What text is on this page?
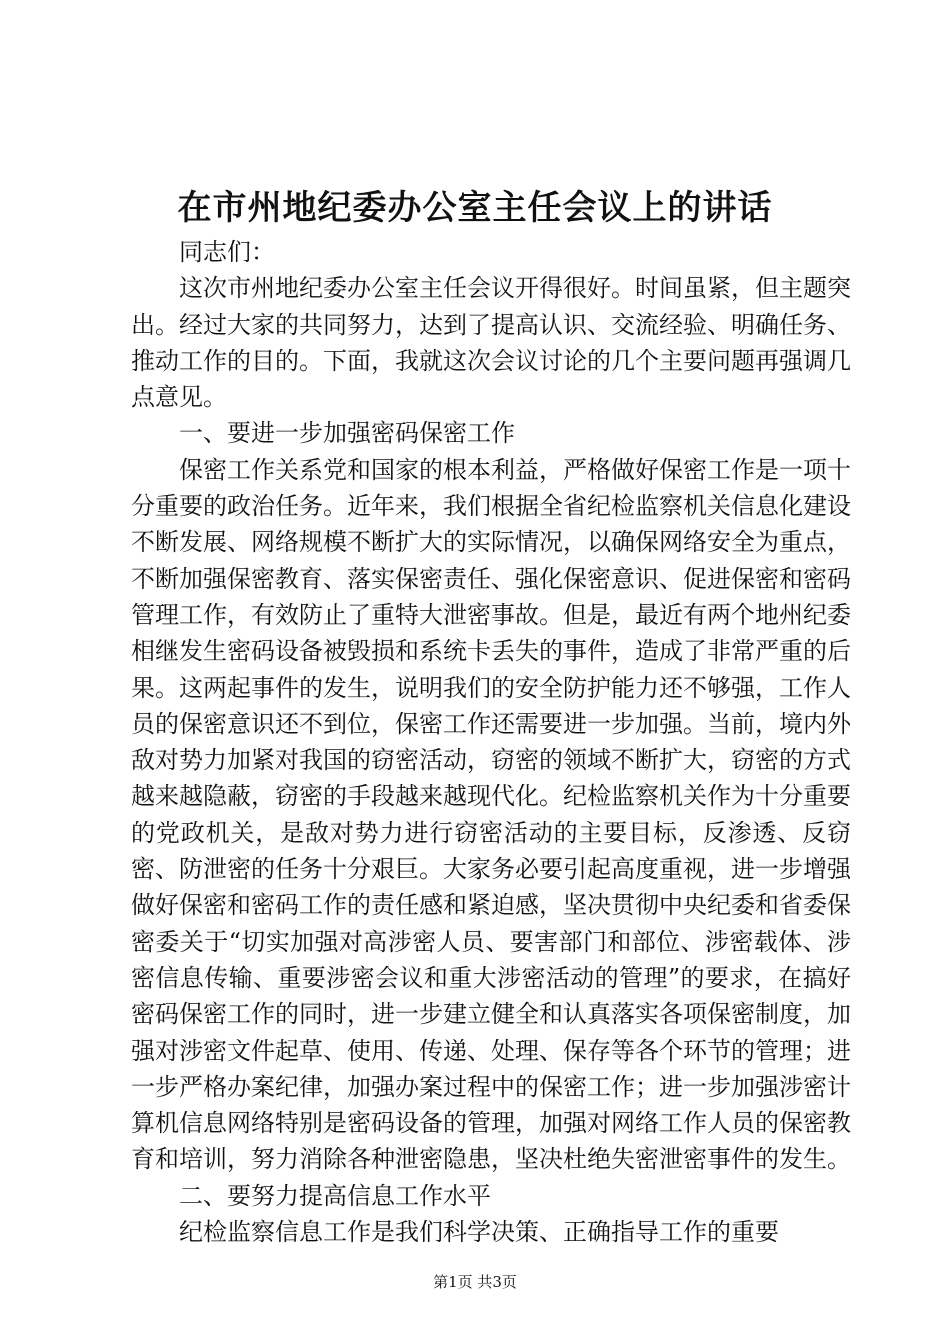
在市州地纪委办公室主任会议上的讲话

同志们：

这次市州地纪委办公室主任会议开得很好。时间虽紧，但主题突出。经过大家的共同努力，达到了提高认识、交流经验、明确任务、推动工作的目的。下面，我就这次会议讨论的几个主要问题再强调几点意见。

一、要进一步加强密码保密工作

保密工作关系党和国家的根本利益，严格做好保密工作是一项十分重要的政治任务。近年来，我们根据全省纪检监察机关信息化建设不断发展、网络规模不断扩大的实际情况，以确保网络安全为重点，不断加强保密教育、落实保密责任、强化保密意识、促进保密和密码管理工作，有效防止了重特大泄密事故。但是，最近有两个地州纪委相继发生密码设备被毁损和系统卡丢失的事件，造成了非常严重的后果。这两起事件的发生，说明我们的安全防护能力还不够强，工作人员的保密意识还不到位，保密工作还需要进一步加强。当前，境内外敌对势力加紧对我国的窃密活动，窃密的领域不断扩大，窃密的方式越来越隐蔽，窃密的手段越来越现代化。纪检监察机关作为十分重要的党政机关，是敌对势力进行窃密活动的主要目标，反渗透、反窃密、防泄密的任务十分艰巨。大家务必要引起高度重视，进一步增强做好保密和密码工作的责任感和紧迫感，坚决贯彻中央纪委和省委保密委关于“切实加强对高涉密人员、要害部门和部位、涉密载体、涉密信息传输、重要涉密会议和重大涉密活动的管理”的要求，在搞好密码保密工作的同时，进一步建立健全和认真落实各项保密制度，加强对涉密文件起草、使用、传递、处理、保存等各个环节的管理；进一步严格办案纪律，加强办案过程中的保密工作；进一步加强涉密计算机信息网络特别是密码设备的管理，加强对网络工作人员的保密教育和培训，努力消除各种泄密隐患，坚决杜绝失密泄密事件的发生。

二、要努力提高信息工作水平

纪检监察信息工作是我们科学决策、正确指导工作的重要

第1页 共3页
